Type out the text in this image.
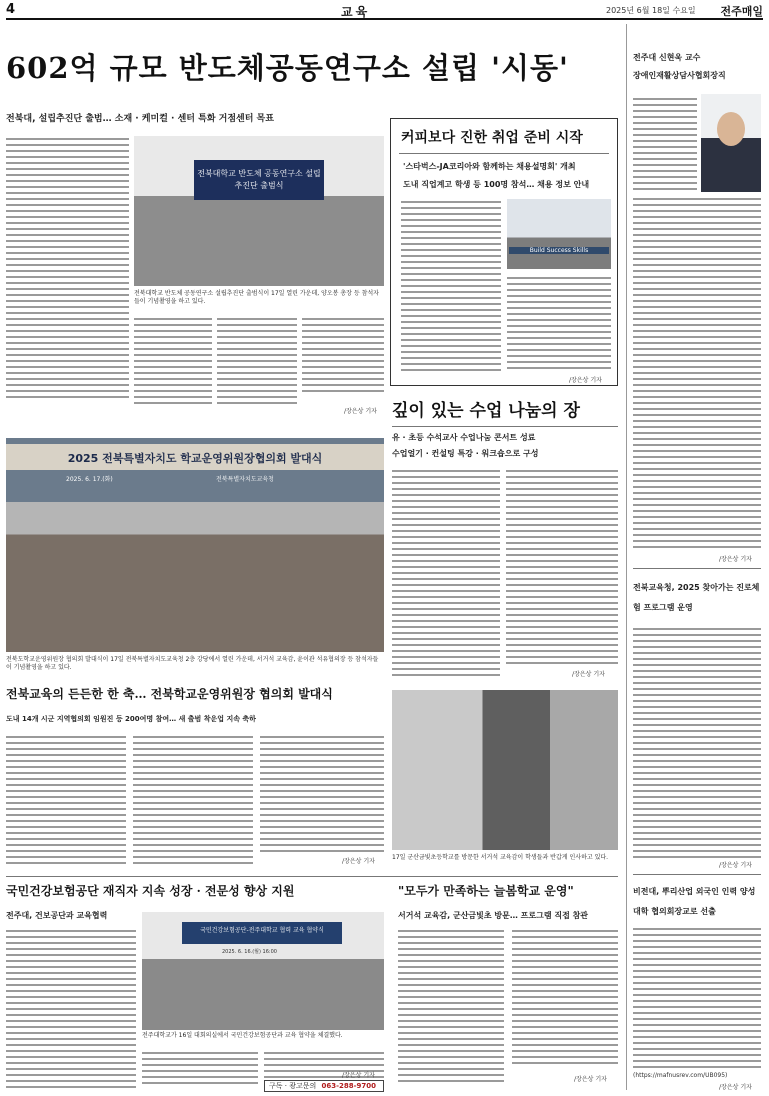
4	교육	2025년 6월 18일 수요일 전주매일
602억 규모 반도체공동연구소 설립 '시동'
전북대, 설립추진단 출범… 소재 · 케미컬 · 센터 특화 거점센터 목표
전북대학교 반도체 공동연구소 설립추진단 출범식
전북대학교 반도체 공동연구소 설립추진단 출범식이 17일 열린 가운데, 양오봉 총장 등 참석자들이 기념촬영을 하고 있다.
/장은상 기자
커피보다 진한 취업 준비 시작
'스타벅스-JA코리아와 함께하는 채용설명회' 개최
도내 직업계고 학생 등 100명 참석… 채용 정보 안내
Build Success Skills
/장은상 기자
깊이 있는 수업 나눔의 장
유 · 초등 수석교사 수업나눔 콘서트 성료
수업얼기 · 컨설팅 특강 · 워크숍으로 구성
/장은상 기자
2025 전북특별자치도 학교운영위원장협의회 발대식
2025. 6. 17.(화)	전북특별자치도교육청
전북도학교운영위원장 협의회 발대식이 17일 전북특별자치도교육청 2층 강당에서 열린 가운데, 서거석 교육감, 윤이관 석유협의장 등 참석자들이 기념촬영을 하고 있다.
전북교육의 든든한 한 축… 전북학교운영위원장 협의회 발대식
도내 14개 시군 지역협의회 임원진 등 200여명 참여… 새 출범 착운업 지속 축하
/장은상 기자
17일 군산금빛초등학교를 방문한 서거석 교육감이 학생들과 반갑게 인사하고 있다.
국민건강보험공단 재직자 지속 성장 · 전문성 향상 지원
전주대, 건보공단과 교육협력
국민건강보험공단-전주대학교 협력 교육 협약식
2025. 6. 16.(월) 16:00
전주대학교가 16일 대회의실에서 국민건강보험공단과 교육 협약을 체결했다.
/장은상 기자
구독 · 광고문의 063-288-9700
"모두가 만족하는 늘봄학교 운영"
서거석 교육감, 군산금빛초 방문… 프로그램 직접 참관
/장은상 기자
전주대 신현욱 교수
장애인재활상담사협회장직
/장은상 기자
전북교육청, 2025 찾아가는 진로체험 프로그램 운영
/장은상 기자
비전대, 뿌리산업 외국인 인력 양성대학 협의회장교로 선출
(https://mafnusrev.com/UB095)
/장은상 기자
